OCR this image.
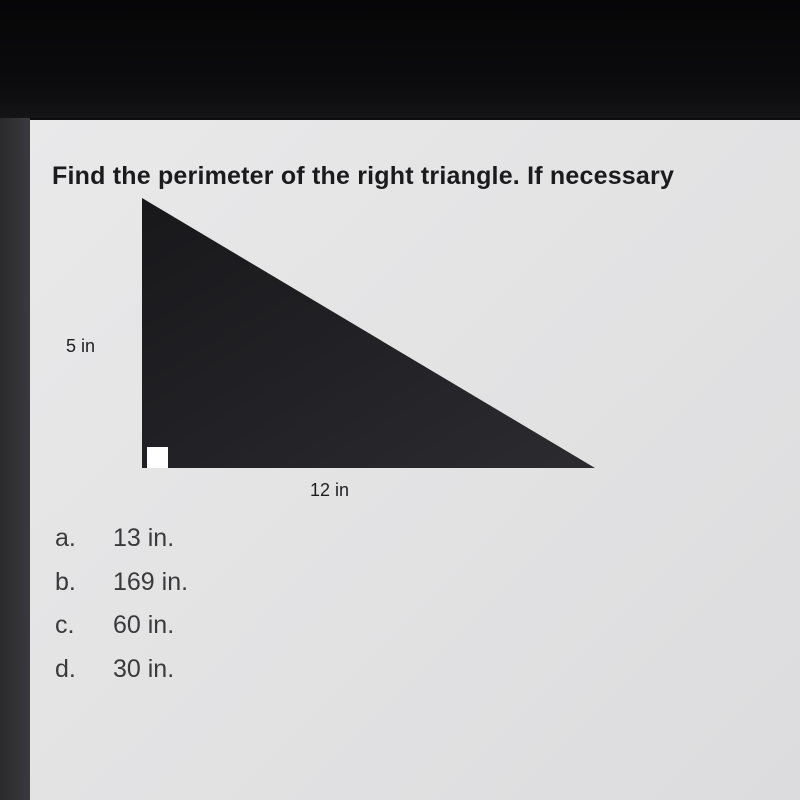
Find the perimeter of the right triangle. If necessary

5 in
12 in
a.	13 in.
b.	169 in.
c.	60 in.
d.	30 in.
